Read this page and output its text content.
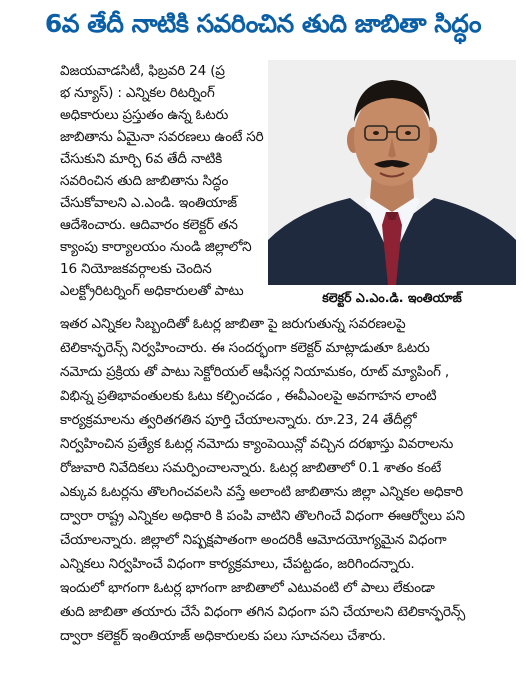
6వ తేదీ నాటికి సవరించిన తుది జాబితా సిద్ధం
కలెక్టర్ ఎ.ఎం.డి. ఇంతియాజ్
విజయవాడసిటీ, ఫిబ్రవరి 24 (ప్ర
భ న్యూస్) : ఎన్నికల రిటర్నింగ్
అధికారులు ప్రస్తుతం ఉన్న ఓటరు
జాబితాను ఏమైనా సవరణలు ఉంటే సరి
చేసుకుని మార్చి 6వ తేదీ నాటికి
సవరించిన తుది జాబితాను సిద్ధం
చేసుకోవాలని ఎ.ఎండి. ఇంతియాజ్
ఆదేశించారు. ఆదివారం కలెక్టర్ తన
క్యాంపు కార్యాలయం నుండి జిల్లాలోని
16 నియోజకవర్గాలకు చెందిన
ఎలక్ట్రోరిటర్నింగ్ అధికారులతో పాటు
ఇతర ఎన్నికల సిబ్బందితో ఓటర్ల జాబితా పై జరుగుతున్న సవరణలపై
టెలికాన్ఫరెన్స్ నిర్వహించారు. ఈ సందర్భంగా కలెక్టర్ మాట్లాడుతూ ఓటరు
నమోదు ప్రక్రియ తో పాటు సెక్టోరియల్ ఆఫీసర్ల నియామకం, రూట్ మ్యాపింగ్ ,
విభిన్న ప్రతిభావంతులకు ఓటు కల్పించడం , ఈవీఎంలపై అవగాహన లాంటి
కార్యక్రమాలను త్వరితగతిన పూర్తి చేయాలన్నారు. రూ.23, 24 తేదీల్లో
నిర్వహించిన ప్రత్యేక ఓటర్ల నమోదు క్యాంపెయిన్లో వచ్చిన దరఖాస్తు వివరాలను
రోజువారి నివేదికలు సమర్పించాలన్నారు. ఓటర్ల జాబితాలో 0.1 శాతం కంటే
ఎక్కువ ఓటర్లను తొలగించవలసి వస్తే అలాంటి జాబితాను జిల్లా ఎన్నికల అధికారి
ద్వారా రాష్ట్ర ఎన్నికల అధికారి కి పంపి వాటిని తొలగించే విధంగా ఈఆర్వోలు పని
చేయాలన్నారు. జిల్లాలో నిష్పక్షపాతంగా అందరికీ ఆమోదయోగ్యమైన విధంగా
ఎన్నికలు నిర్వహించే విధంగా కార్యక్రమాలు, చేపట్టడం, జరిగిందన్నారు.
ఇందులో భాగంగా ఓటర్ల భాగంగా జాబితాలో ఎటువంటి లో పాలు లేకుండా
తుది జాబితా తయారు చేసే విధంగా తగిన విధంగా పని చేయాలని టెలికాన్ఫరెన్స్
ద్వారా కలెక్టర్ ఇంతియాజ్ అధికారులకు పలు సూచనలు చేశారు.
